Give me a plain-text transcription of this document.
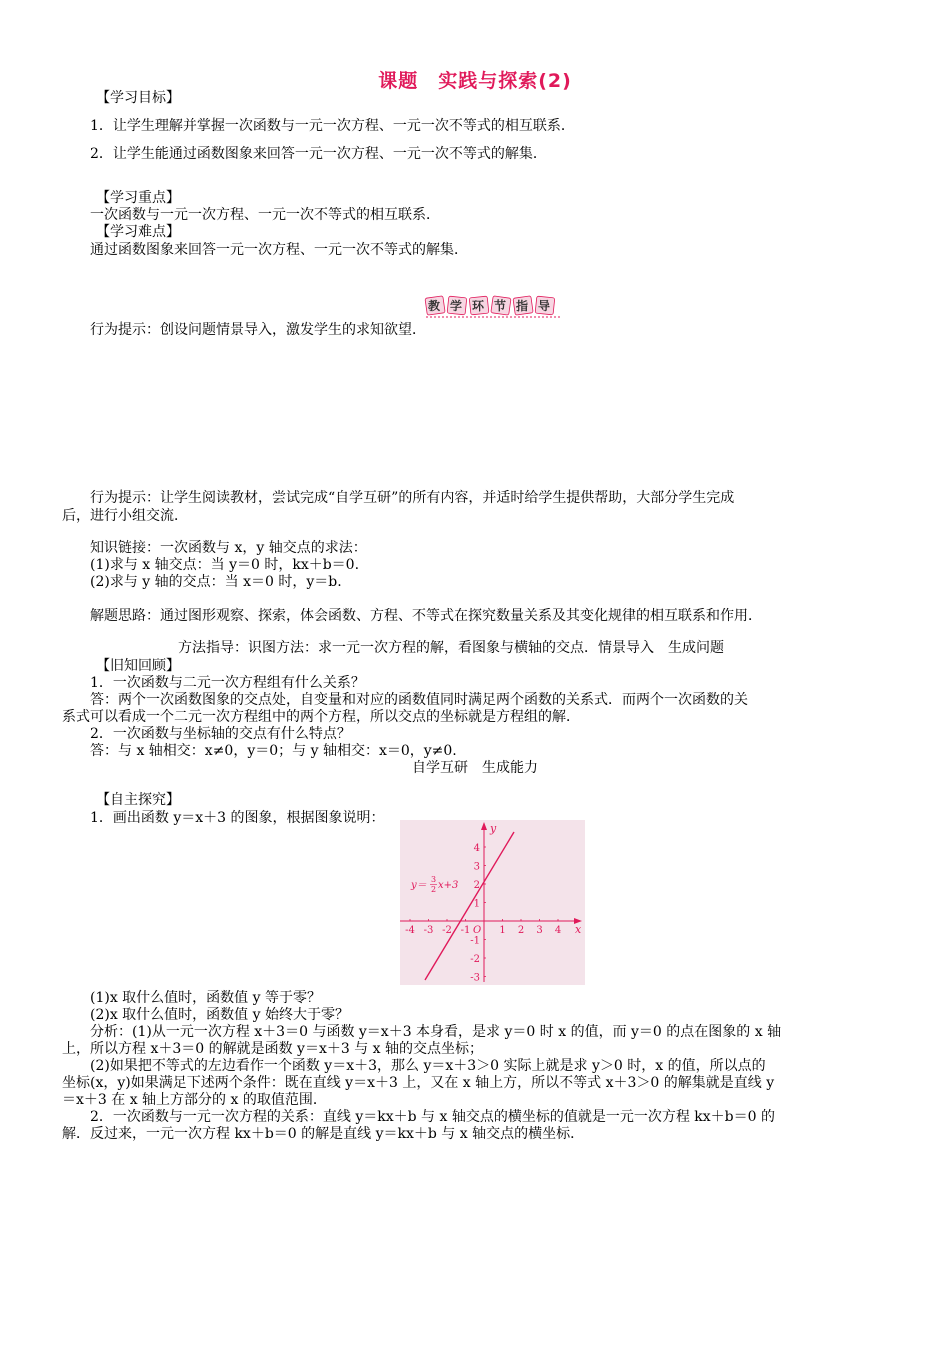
课题　实践与探索(2)
【学习目标】
1．让学生理解并掌握一次函数与一元一次方程、一元一次不等式的相互联系．
2．让学生能通过函数图象来回答一元一次方程、一元一次不等式的解集．
【学习重点】
一次函数与一元一次方程、一元一次不等式的相互联系．
【学习难点】
通过函数图象来回答一元一次方程、一元一次不等式的解集．
教学环节指导
行为提示：创设问题情景导入，激发学生的求知欲望．
行为提示：让学生阅读教材，尝试完成“自学互研”的所有内容，并适时给学生提供帮助，大部分学生完成
后，进行小组交流．
知识链接：一次函数与 x，y 轴交点的求法：
(1)求与 x 轴交点：当 y＝0 时，kx＋b＝0.
(2)求与 y 轴的交点：当 x＝0 时，y＝b.
解题思路：通过图形观察、探索，体会函数、方程、不等式在探究数量关系及其变化规律的相互联系和作用．
方法指导：识图方法：求一元一次方程的解，看图象与横轴的交点．情景导入　生成问题
【旧知回顾】
1．一次函数与二元一次方程组有什么关系？
答：两个一次函数图象的交点处，自变量和对应的函数值同时满足两个函数的关系式．而两个一次函数的关
系式可以看成一个二元一次方程组中的两个方程，所以交点的坐标就是方程组的解．
2．一次函数与坐标轴的交点有什么特点？
答：与 x 轴相交：x≠0，y＝0；与 y 轴相交：x＝0，y≠0.
自学互研　生成能力
【自主探究】
1．画出函数 y＝x＋3 的图象，根据图象说明：
-4 -3 -2 -1	1 2 3 4
4
3
2
1
-1
-2
-3
y＝
3
2 x+3
x
y
O
(1)x 取什么值时，函数值 y 等于零？
(2)x 取什么值时，函数值 y 始终大于零？
分析：(1)从一元一次方程 x＋3＝0 与函数 y＝x＋3 本身看，是求 y＝0 时 x 的值，而 y＝0 的点在图象的 x 轴
上，所以方程 x＋3＝0 的解就是函数 y＝x＋3 与 x 轴的交点坐标；
(2)如果把不等式的左边看作一个函数 y＝x＋3，那么 y＝x＋3＞0 实际上就是求 y＞0 时，x 的值，所以点的
坐标(x，y)如果满足下述两个条件：既在直线 y＝x＋3 上，又在 x 轴上方，所以不等式 x＋3＞0 的解集就是直线 y
＝x＋3 在 x 轴上方部分的 x 的取值范围．
2．一次函数与一元一次方程的关系：直线 y＝kx＋b 与 x 轴交点的横坐标的值就是一元一次方程 kx＋b＝0 的
解．反过来，一元一次方程 kx＋b＝0 的解是直线 y＝kx＋b 与 x 轴交点的横坐标．
